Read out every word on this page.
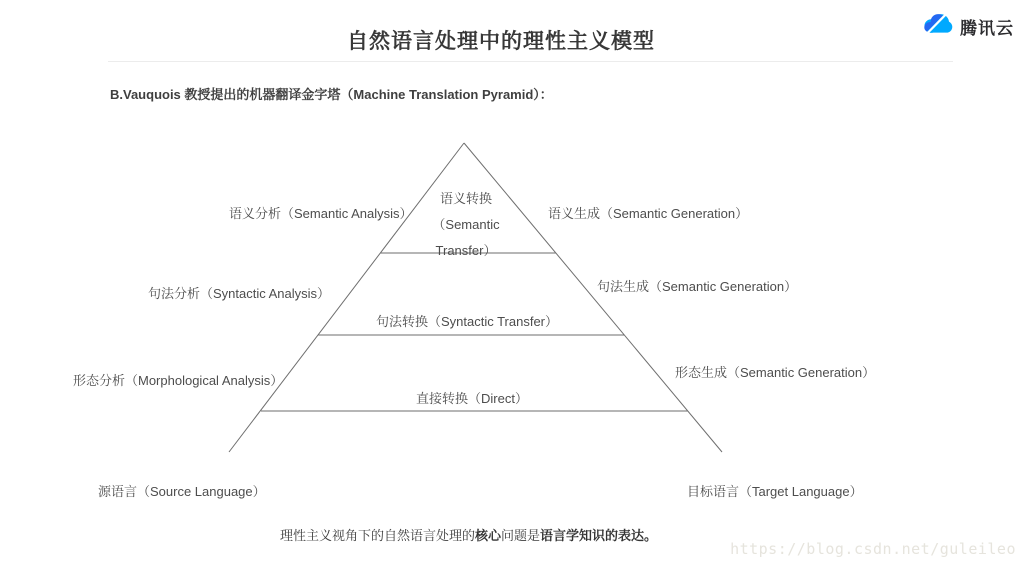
自然语言处理中的理性主义模型
腾讯云
B.Vauquois 教授提出的机器翻译金字塔（Machine Translation Pyramid）：
语义转换
（Semantic
Transfer）
句法转换（Syntactic Transfer）
直接转换（Direct）
语义分析（Semantic Analysis）
句法分析（Syntactic Analysis）
形态分析（Morphological Analysis）
源语言（Source Language）
语义生成（Semantic Generation）
句法生成（Semantic Generation）
形态生成（Semantic Generation）
目标语言（Target Language）
理性主义视角下的自然语言处理的核心问题是语言学知识的表达。
https://blog.csdn.net/guleileo
